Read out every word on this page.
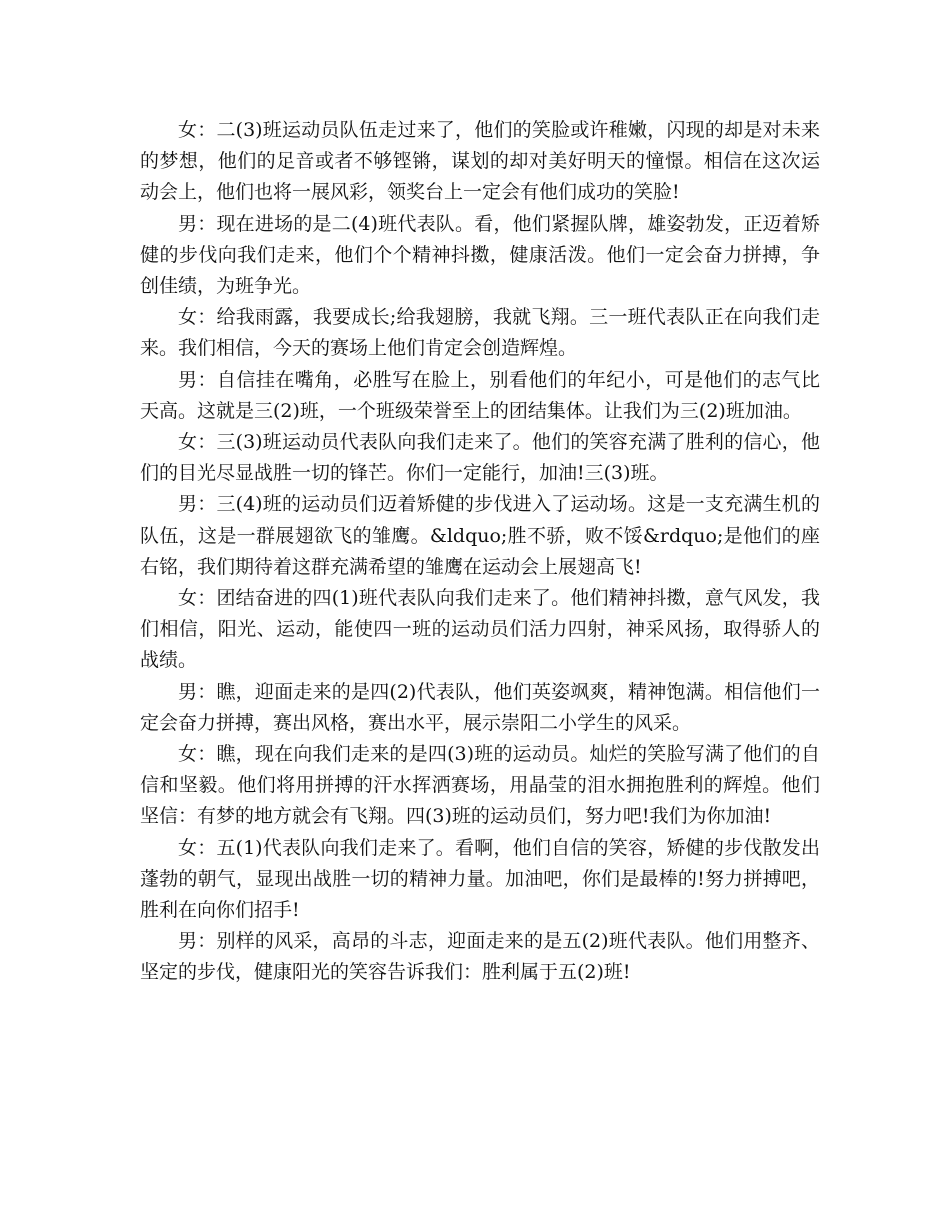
女：二(3)班运动员队伍走过来了，他们的笑脸或许稚嫩，闪现的却是对未来的梦想，他们的足音或者不够铿锵，谋划的却对美好明天的憧憬。相信在这次运动会上，他们也将一展风彩，领奖台上一定会有他们成功的笑脸!

男：现在进场的是二(4)班代表队。看，他们紧握队牌，雄姿勃发，正迈着矫健的步伐向我们走来，他们个个精神抖擞，健康活泼。他们一定会奋力拼搏，争创佳绩，为班争光。

女：给我雨露，我要成长;给我翅膀，我就飞翔。三一班代表队正在向我们走来。我们相信，今天的赛场上他们肯定会创造辉煌。

男：自信挂在嘴角，必胜写在脸上，别看他们的年纪小，可是他们的志气比天高。这就是三(2)班，一个班级荣誉至上的团结集体。让我们为三(2)班加油。

女：三(3)班运动员代表队向我们走来了。他们的笑容充满了胜利的信心，他们的目光尽显战胜一切的锋芒。你们一定能行，加油!三(3)班。

男：三(4)班的运动员们迈着矫健的步伐进入了运动场。这是一支充满生机的队伍，这是一群展翅欲飞的雏鹰。&ldquo;胜不骄，败不馁&rdquo;是他们的座右铭，我们期待着这群充满希望的雏鹰在运动会上展翅高飞!

女：团结奋进的四(1)班代表队向我们走来了。他们精神抖擞，意气风发，我们相信，阳光、运动，能使四一班的运动员们活力四射，神采风扬，取得骄人的战绩。

男：瞧，迎面走来的是四(2)代表队，他们英姿飒爽，精神饱满。相信他们一定会奋力拼搏，赛出风格，赛出水平，展示崇阳二小学生的风采。

女：瞧，现在向我们走来的是四(3)班的运动员。灿烂的笑脸写满了他们的自信和坚毅。他们将用拼搏的汗水挥洒赛场，用晶莹的泪水拥抱胜利的辉煌。他们坚信：有梦的地方就会有飞翔。四(3)班的运动员们，努力吧!我们为你加油!

女：五(1)代表队向我们走来了。看啊，他们自信的笑容，矫健的步伐散发出蓬勃的朝气，显现出战胜一切的精神力量。加油吧，你们是最棒的!努力拼搏吧，胜利在向你们招手!

男：别样的风采，高昂的斗志，迎面走来的是五(2)班代表队。他们用整齐、坚定的步伐，健康阳光的笑容告诉我们：胜利属于五(2)班!
